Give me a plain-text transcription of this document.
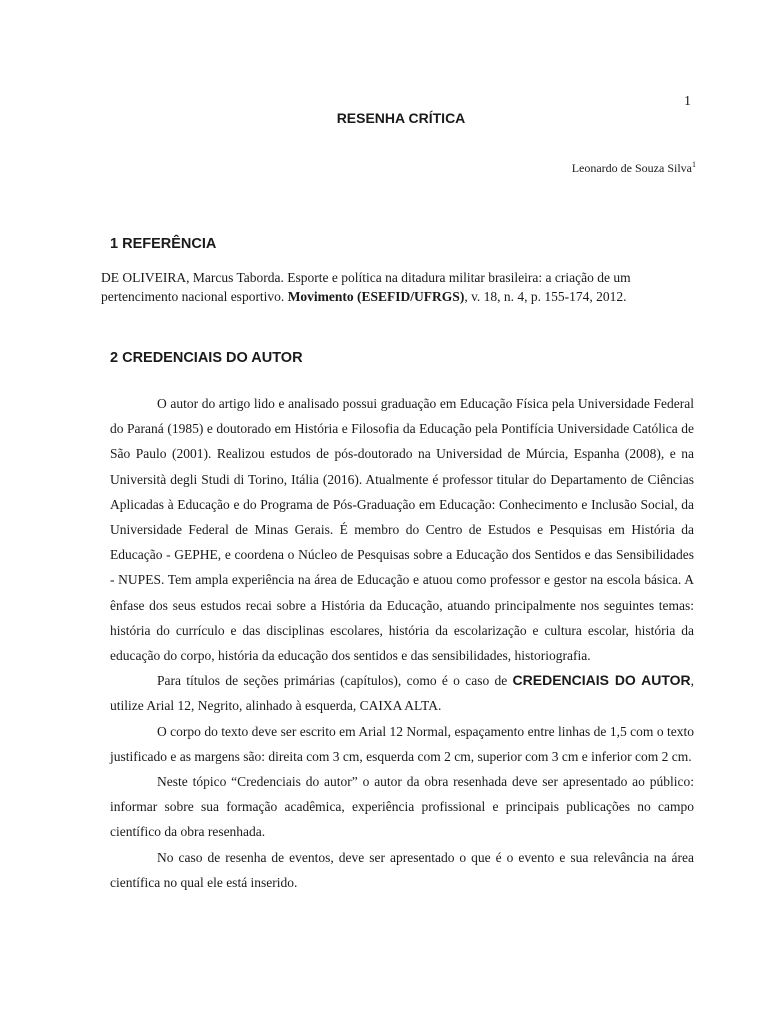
1
RESENHA CRÍTICA
Leonardo de Souza Silva$^1$
1 REFERÊNCIA
DE OLIVEIRA, Marcus Taborda. Esporte e política na ditadura militar brasileira: a criação de um pertencimento nacional esportivo. Movimento (ESEFID/UFRGS), v. 18, n. 4, p. 155-174, 2012.
2 CREDENCIAIS DO AUTOR

O autor do artigo lido e analisado possui graduação em Educação Física pela Universidade Federal do Paraná (1985) e doutorado em História e Filosofia da Educação pela Pontifícia Universidade Católica de São Paulo (2001). Realizou estudos de pós-doutorado na Universidad de Múrcia, Espanha (2008), e na Università degli Studi di Torino, Itália (2016). Atualmente é professor titular do Departamento de Ciências Aplicadas à Educação e do Programa de Pós-Graduação em Educação: Conhecimento e Inclusão Social, da Universidade Federal de Minas Gerais. É membro do Centro de Estudos e Pesquisas em História da Educação - GEPHE, e coordena o Núcleo de Pesquisas sobre a Educação dos Sentidos e das Sensibilidades - NUPES. Tem ampla experiência na área de Educação e atuou como professor e gestor na escola básica. A ênfase dos seus estudos recai sobre a História da Educação, atuando principalmente nos seguintes temas: história do currículo e das disciplinas escolares, história da escolarização e cultura escolar, história da educação do corpo, história da educação dos sentidos e das sensibilidades, historiografia.

Para títulos de seções primárias (capítulos), como é o caso de CREDENCIAIS DO AUTOR, utilize Arial 12, Negrito, alinhado à esquerda, CAIXA ALTA.

O corpo do texto deve ser escrito em Arial 12 Normal, espaçamento entre linhas de 1,5 com o texto justificado e as margens são: direita com 3 cm, esquerda com 2 cm, superior com 3 cm e inferior com 2 cm.

Neste tópico “Credenciais do autor” o autor da obra resenhada deve ser apresentado ao público: informar sobre sua formação acadêmica, experiência profissional e principais publicações no campo científico da obra resenhada.

No caso de resenha de eventos, deve ser apresentado o que é o evento e sua relevância na área científica no qual ele está inserido.
